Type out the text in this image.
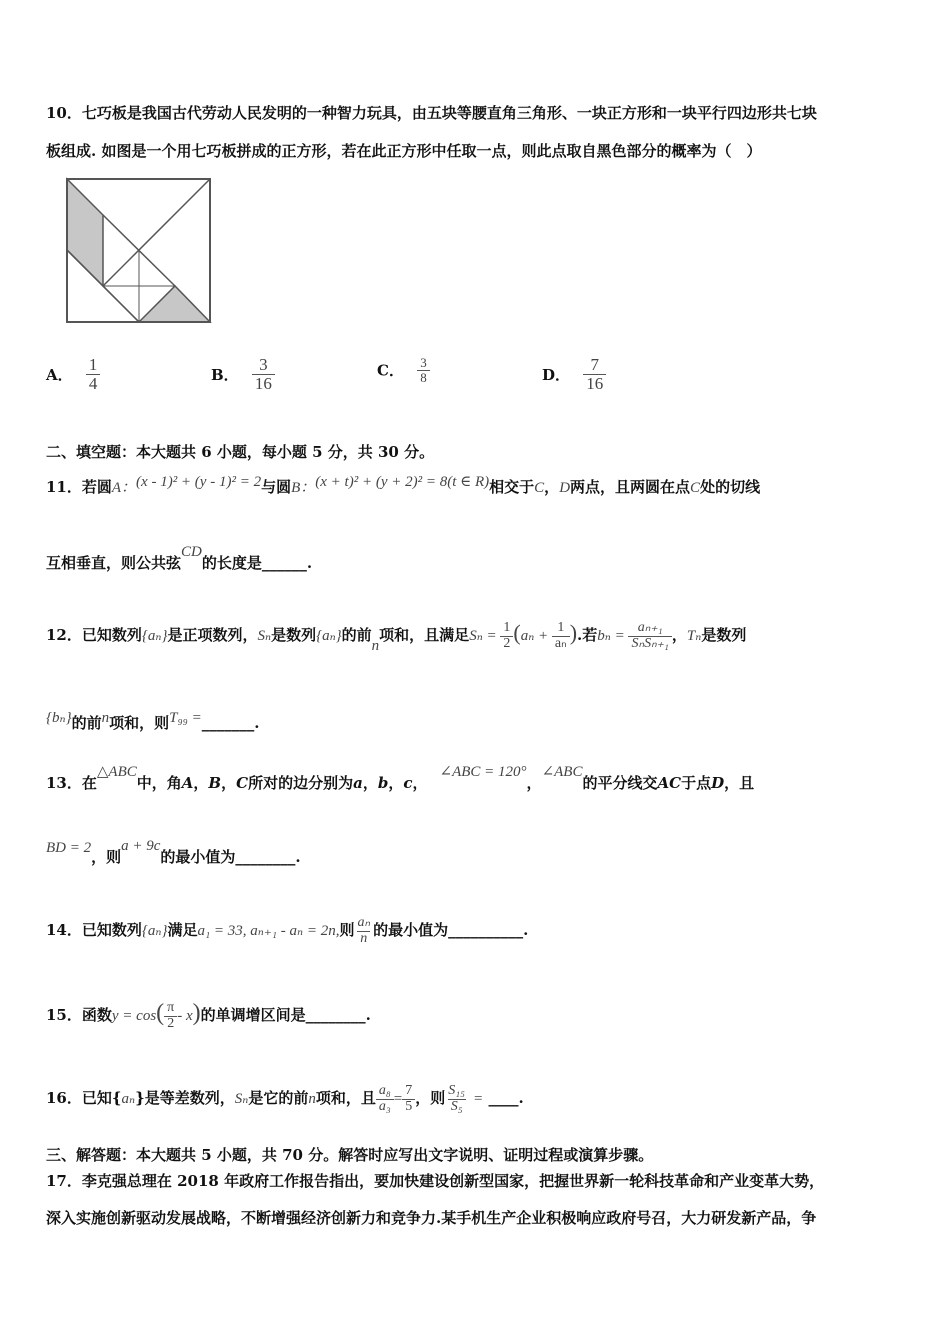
10．七巧板是我国古代劳动人民发明的一种智力玩具，由五块等腰直角三角形、一块正方形和一块平行四边形共七块
板组成. 如图是一个用七巧板拼成的正方形，若在此正方形中任取一点，则此点取自黑色部分的概率为（　）
A． $\frac{1}{4}$	B． $\frac{3}{16}$	C． $\frac{3}{8}$	D． $\frac{7}{16}$
二、填空题：本大题共 6 小题，每小题 5 分，共 30 分。
11．若圆A：(x - 1)² + (y - 1)² = 2与圆B：(x + t)² + (y + 2)² = 8(t ∈ R)相交于C，D两点，且两圆在点C处的切线
互相垂直，则公共弦CD的长度是______.
12．已知数列{aₙ}是正项数列，Sₙ是数列{aₙ}的前n项和，且满足$S_n = \frac{1}{2} (a_n + \frac{1}{\text{aₙ}}$ ).若$b_n = \frac{\text{aₙ₊₁}}{\text{SₙSₙ₊₁}}$ ，Tₙ是数列
{bₙ}的前n项和，则T₉₉ =_______.
13．在△ABC中，角A，B，C所对的边分别为a，b，c，∠ABC = 120°，∠ABC的平分线交AC于点D，且
BD = 2，则a + 9c的最小值为________.
14．已知数列{aₙ}满足a₁ = 33, aₙ₊₁ - aₙ = 2n,则 $\frac{\text{aₙ}}{n}$ 的最小值为__________.
15．函数$y = \cos( \frac{\pi}{2} - x)$的单调增区间是________.
16．已知{aₙ}是等差数列，Sₙ是它的前n项和，且 $\frac{\text{a₈}}{\text{a₃}} = \frac{7}{5}$ ，则 $\frac{\text{S₁₅}}{\text{S₅}}$ = ____.
三、解答题：本大题共 5 小题，共 70 分。解答时应写出文字说明、证明过程或演算步骤。
17．李克强总理在 2018 年政府工作报告指出，要加快建设创新型国家，把握世界新一轮科技革命和产业变革大势，
深入实施创新驱动发展战略，不断增强经济创新力和竞争力.某手机生产企业积极响应政府号召，大力研发新产品，争
